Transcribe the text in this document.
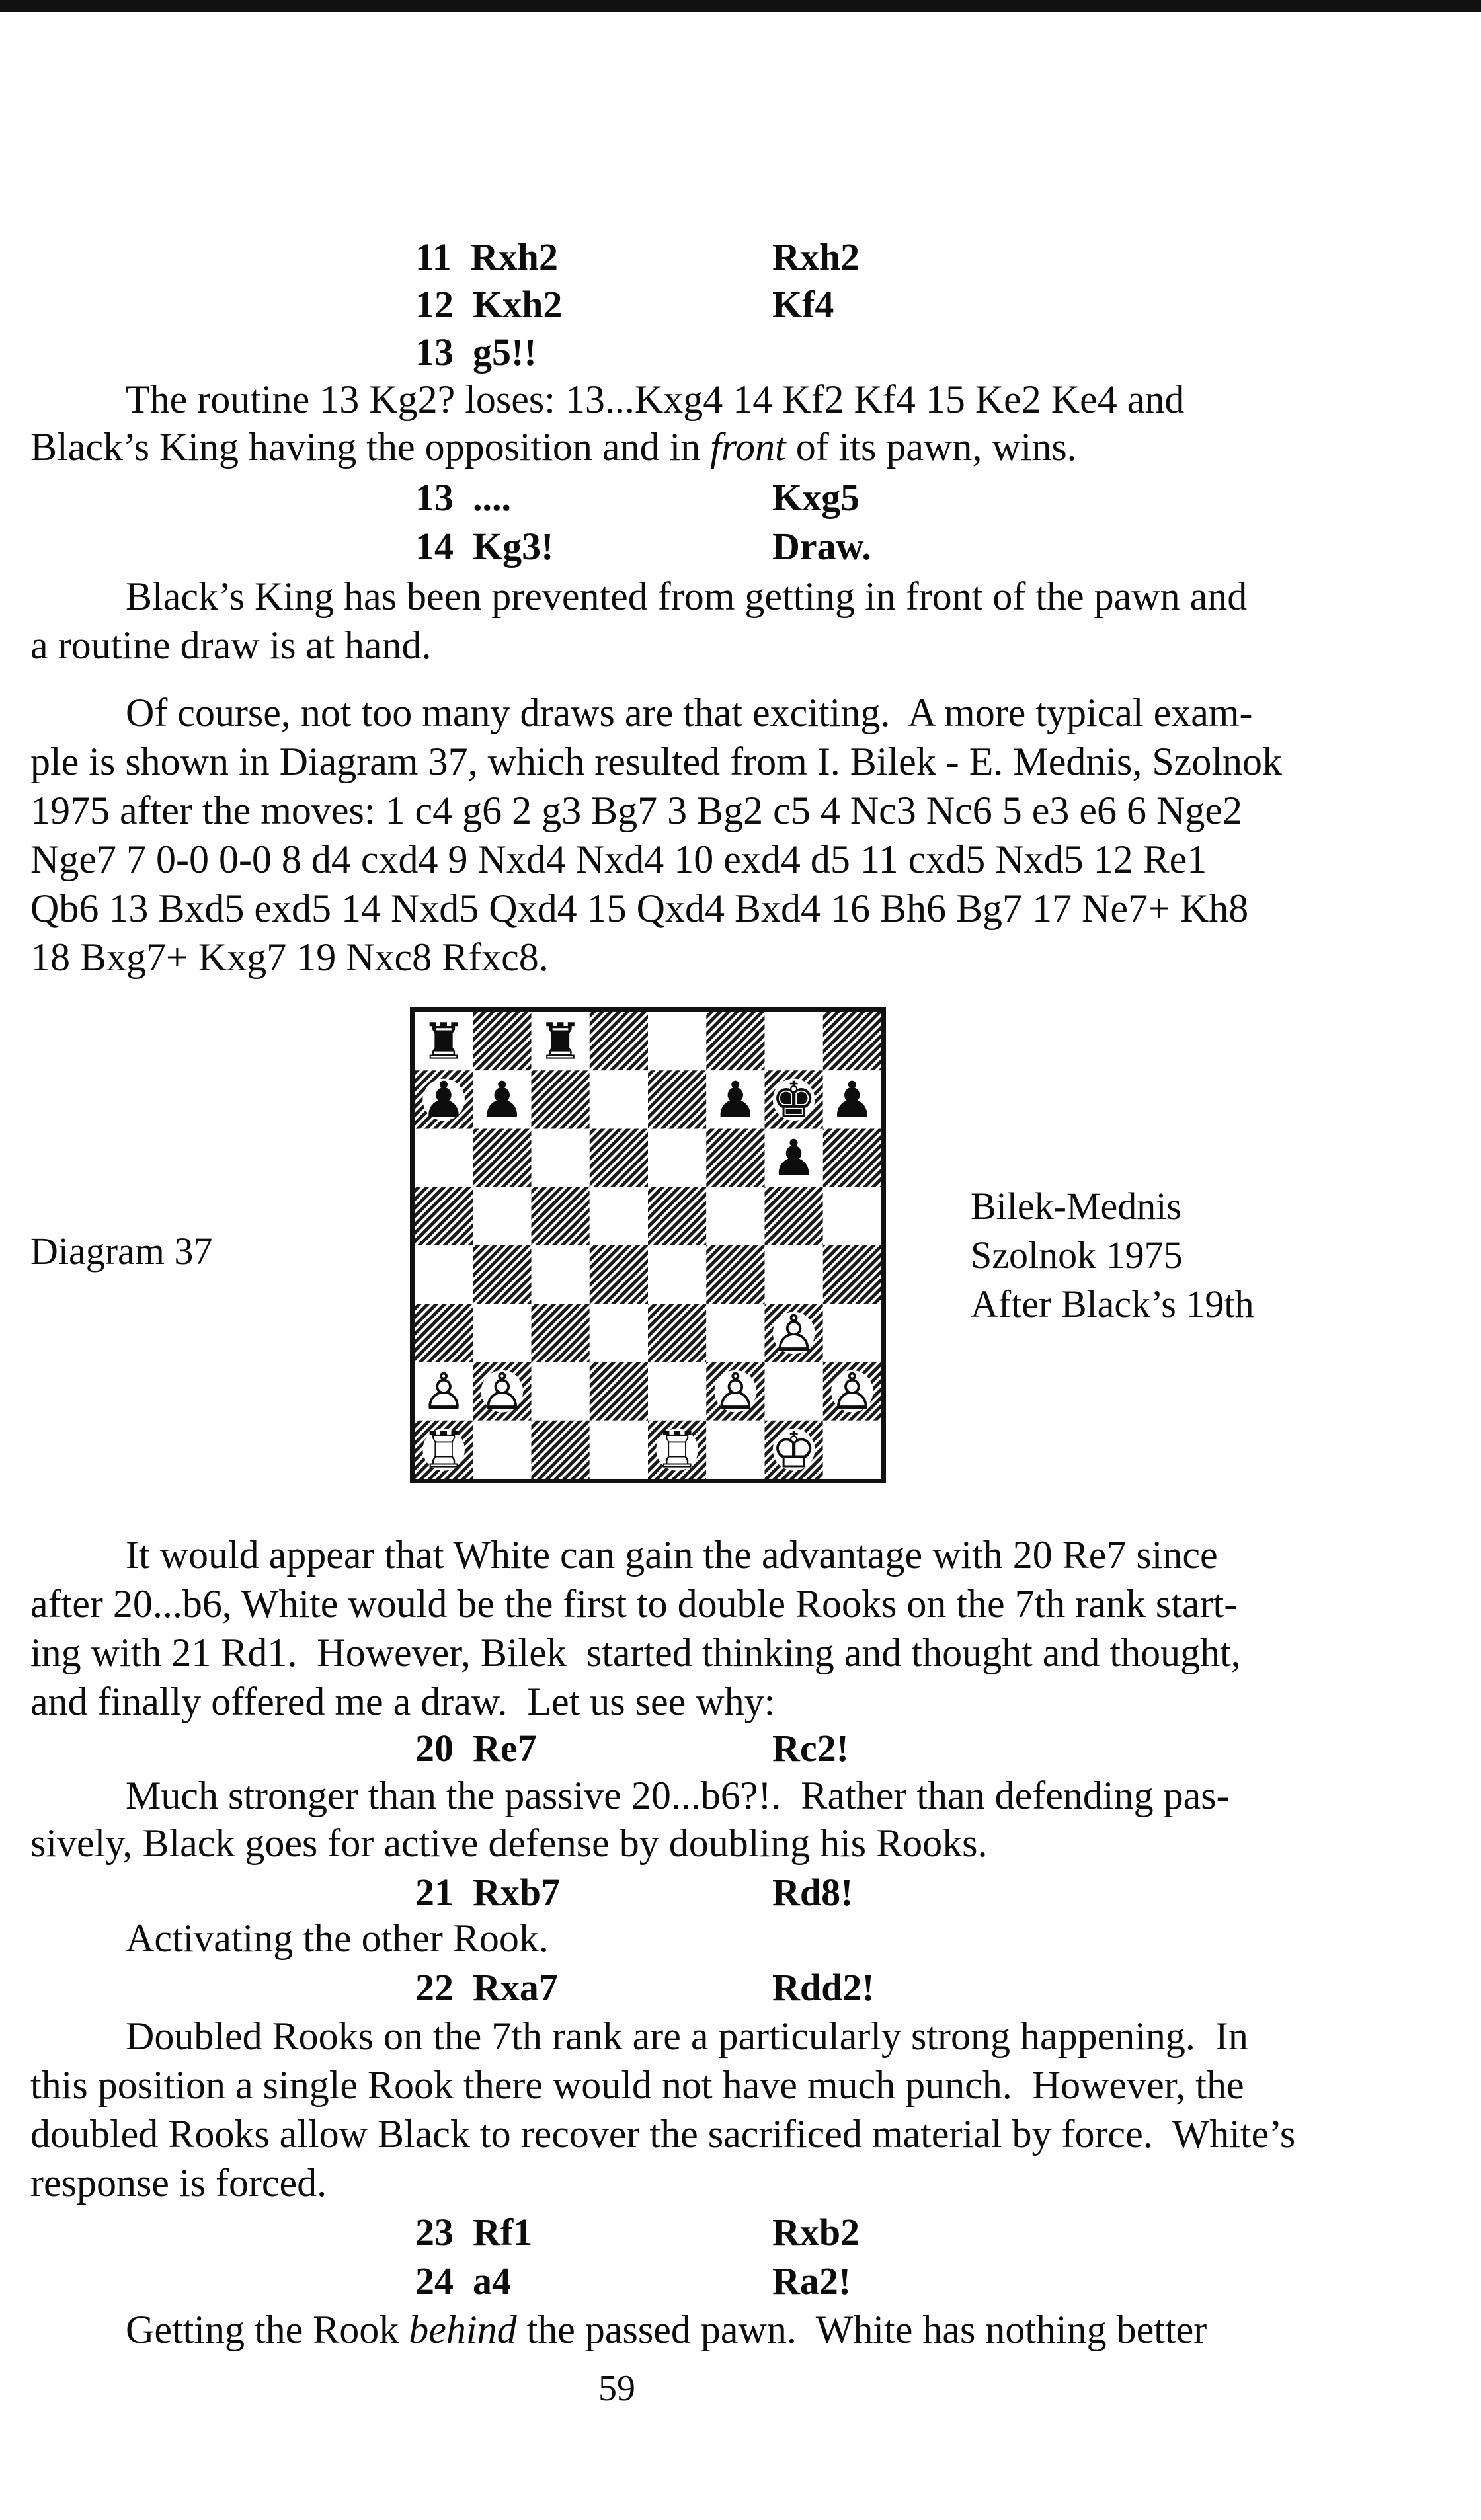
11  Rxh2	Rxh2
12  Kxh2	Kf4
13  g5!!
The routine 13 Kg2? loses: 13...Kxg4 14 Kf2 Kf4 15 Ke2 Ke4 and
Black’s King having the opposition and in front of its pawn, wins.
13  ....	Kxg5
14  Kg3!	Draw.
Black’s King has been prevented from getting in front of the pawn and
a routine draw is at hand.
Of course, not too many draws are that exciting.  A more typical exam-
ple is shown in Diagram 37, which resulted from I. Bilek - E. Mednis, Szolnok
1975 after the moves: 1 c4 g6 2 g3 Bg7 3 Bg2 c5 4 Nc3 Nc6 5 e3 e6 6 Nge2
Nge7 7 0-0 0-0 8 d4 cxd4 9 Nxd4 Nxd4 10 exd4 d5 11 cxd5 Nxd5 12 Re1
Qb6 13 Bxd5 exd5 14 Nxd5 Qxd4 15 Qxd4 Bxd4 16 Bh6 Bg7 17 Ne7+ Kh8
18 Bxg7+ Kxg7 19 Nxc8 Rfxc8.
Diagram 37
Bilek-Mednis
Szolnok 1975
After Black’s 19th
♜ ♜
♟ ♟	♟ ♚ ♟
♟
♙
♙ ♙	♙ ♙
♖	♖ ♔
It would appear that White can gain the advantage with 20 Re7 since
after 20...b6, White would be the first to double Rooks on the 7th rank start-
ing with 21 Rd1.  However, Bilek  started thinking and thought and thought,
and finally offered me a draw.  Let us see why:
20  Re7	Rc2!
Much stronger than the passive 20...b6?!.  Rather than defending pas-
sively, Black goes for active defense by doubling his Rooks.
21  Rxb7	Rd8!
Activating the other Rook.
22  Rxa7	Rdd2!
Doubled Rooks on the 7th rank are a particularly strong happening.  In
this position a single Rook there would not have much punch.  However, the
doubled Rooks allow Black to recover the sacrificed material by force.  White’s
response is forced.
23  Rf1	Rxb2
24  a4	Ra2!
Getting the Rook behind the passed pawn.  White has nothing better
59
